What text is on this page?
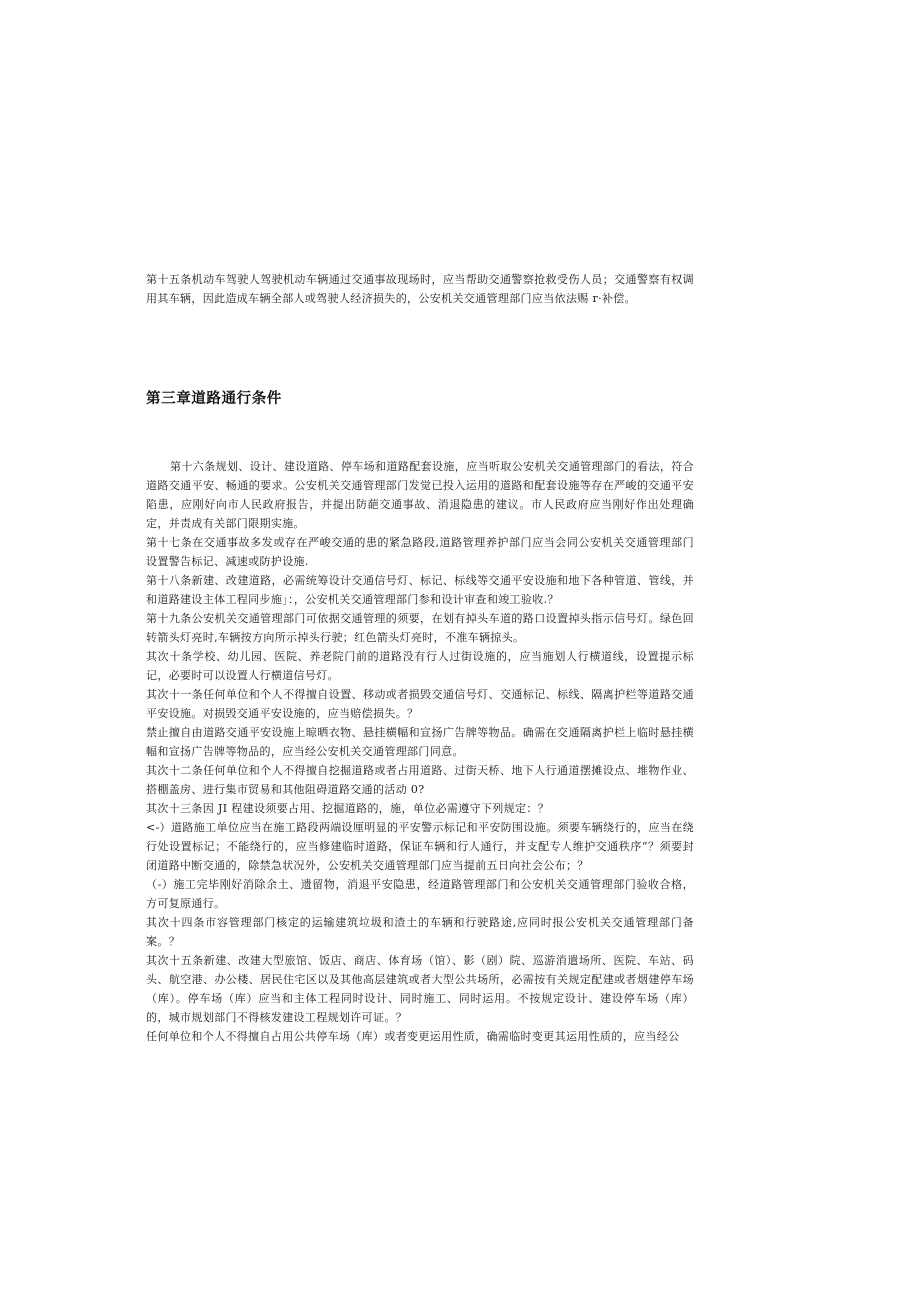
第十五条机动车驾驶人驾驶机动车辆通过交通事故现场时，应当帮助交通警察抢救受伤人员；交通警察有权调用其车辆，因此造成车辆全部人或驾驶人经济损失的，公安机关交通管理部门应当依法赐 r·补偿。

第三章道路通行条件

第十六条规划、设计、建设道路、停车场和道路配套设施，应当听取公安机关交通管理部门的看法，符合道路交通平安、畅通的要求。公安机关交通管理部门发觉已投入运用的道路和配套设施等存在严峻的交通平安陷患，应刚好向市人民政府报告，并提出防葩交通事故、消退隐患的建议。市人民政府应当刚好作出处理确定，并责成有关部门限期实施。

第十七条在交通事故多发或存在严峻交通的患的紧急路段,道路管理养护部门应当会同公安机关交通管理部门设置警告标记、减速或防护设施.

第十八条新建、改建道路，必需统筹设计交通信号灯、标记、标线等交通平安设施和地下各种管道、管线，并和道路建设主体工程同步施」：，公安机关交通管理部门参和设计审查和竣工验收.？

第十九条公安机关交通管理部门可依据交通管理的须要，在划有掉头车道的路口设置掉头指示信号灯。绿色回转箭头灯亮时,车辆按方向所示掉头行驶；红色箭头灯亮时，不准车辆掠头。

其次十条学校、幼儿园、医院、养老院门前的道路没有行人过街设施的，应当施划人行横道线，设置提示标记，必要时可以设置人行横道信号灯。

其次十一条任何单位和个人不得擅自设置、移动或者损毁交通信号灯、交通标记、标线、隔离护栏等道路交通平安设施。对损毁交通平安设施的，应当赔偿损失。？

禁止擅自由道路交通平安设施上晾晒衣物、悬挂横幅和宣扬广告牌等物品。确需在交通隔离护栏上临时悬挂横幅和宣扬广告牌等物品的，应当经公安机关交通管理部门同意。

其次十二条任何单位和个人不得擅自挖掘道路或者占用道路、过街天桥、地下人行通道摆摊设点、堆物作业、搭棚盖房、进行集市贸易和其他阻碍道路交通的活动 0?

其次十三条因 JI 程建设须要占用、挖掘道路的，施，单位必需遵守下列规定：？

<-）道路施工单位应当在施工路段两端设厘明显的平安警示标记和平安防围设施。须要车辆绕行的，应当在绕行处设置标记；不能绕行的，应当修建临时道路，保证车辆和行人通行，并支配专人维护交通秩序“？须要封闭道路中断交通的，除禁急状况外，公安机关交通管理部门应当提前五日向社会公布；？

（-）施工完毕刚好消除余土、遗留物，消退平安隐患，经道路管理部门和公安机关交通管理部门验收合格，方可复原通行。

其次十四条市容管理部门核定的运输建筑垃圾和渣土的车辆和行驶路途,应同时报公安机关交通管理部门备案。？

其次十五条新建、改建大型旅馆、饭店、商店、体育场（馆）、影（剧）院、巡游消遣场所、医院、车站、码头、航空港、办公楼、居民住宅区以及其他高层建筑或者大型公共场所，必需按有关规定配建或者烟建停车场（库）。停车场（库）应当和主体工程同时设计、同时施工、同时运用。不按规定设计、建设停车场（库）的，城市规划部门不得核发建设工程规划许可证。？

任何单位和个人不得擅自占用公共停车场（库）或者变更运用性质，确需临时变更其运用性质的，应当经公
